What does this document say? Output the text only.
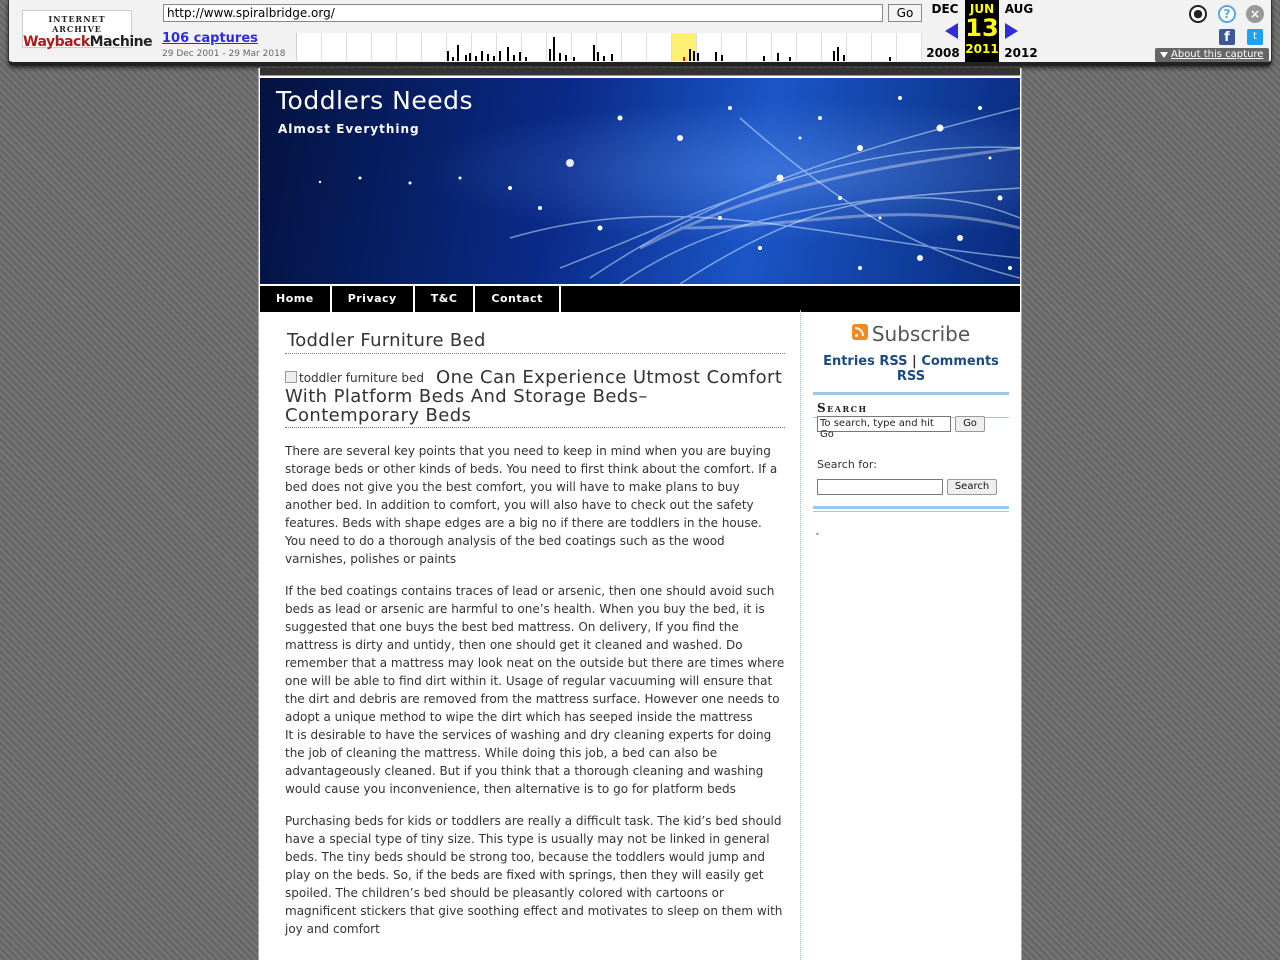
INTERNET ARCHIVE
WaybackMachine
http://www.spiralbridge.org/	Go
106 captures
29 Dec 2001 - 29 Mar 2018
DEC	AUG
2008	2012
JUN
13
2011
●	?	×
f	t
About this capture
Toddlers Needs
Almost Everything
Home	Privacy	T&C	Contact
Toddler Furniture Bed
toddler furniture bed One Can Experience Utmost Comfort With Platform Beds And Storage Beds– Contemporary Beds

There are several key points that you need to keep in mind when you are buying storage beds or other kinds of beds. You need to first think about the comfort. If a bed does not give you the best comfort, you will have to make plans to buy another bed. In addition to comfort, you will also have to check out the safety features. Beds with shape edges are a big no if there are toddlers in the house. You need to do a thorough analysis of the bed coatings such as the wood varnishes, polishes or paints

If the bed coatings contains traces of lead or arsenic, then one should avoid such beds as lead or arsenic are harmful to one’s health. When you buy the bed, it is suggested that one buys the best bed mattress. On delivery, If you find the mattress is dirty and untidy, then one should get it cleaned and washed. Do remember that a mattress may look neat on the outside but there are times where one will be able to find dirt within it. Usage of regular vacuuming will ensure that the dirt and debris are removed from the mattress surface. However one needs to adopt a unique method to wipe the dirt which has seeped inside the mattress

It is desirable to have the services of washing and dry cleaning experts for doing the job of cleaning the mattress. While doing this job, a bed can also be advantageously cleaned. But if you think that a thorough cleaning and washing would cause you inconvenience, then alternative is to go for platform beds

Purchasing beds for kids or toddlers are really a difficult task. The kid’s bed should have a special type of tiny size. This type is usually may not be linked in general beds. The tiny beds should be strong too, because the toddlers would jump and play on the beds. So, if the beds are fixed with springs, then they will easily get spoiled. The children’s bed should be pleasantly colored with cartoons or magnificent stickers that give soothing effect and motivates to sleep on them with joy and comfort

Subscribe
Entries RSS | Comments RSS
Search
To search, type and hit Go
Go
Search for:
Search
•
